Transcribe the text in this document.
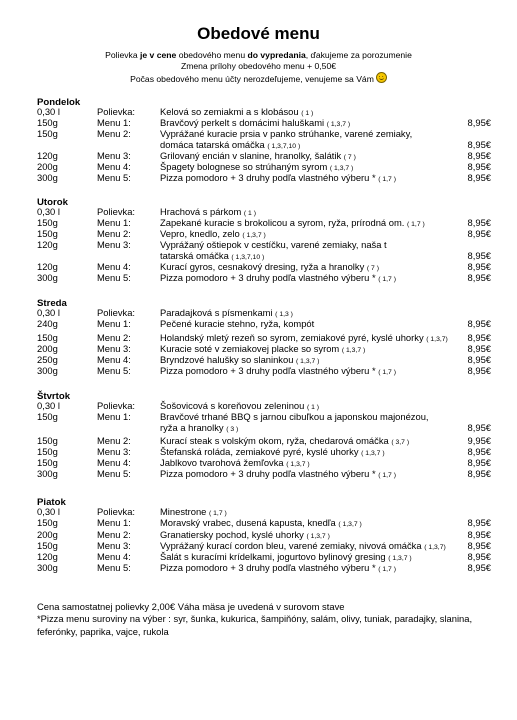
Obedové menu
Polievka je v cene obedového menu do vypredania, ďakujeme za porozumenie
Zmena prílohy obedového menu + 0,50€
Počas obedového menu účty nerozdeľujeme, venujeme sa Vám
Pondelok
0,30 l	Polievka:	Kelová so zemiakmi a s klobásou ( 1 )
150g	Menu 1:	Bravčový perkelt s domácimi haluškami ( 1,3,7 )	8,95€
150g	Menu 2:	Vyprážané kuracie prsia v panko strúhanke, varené zemiaky,
domáca tatarská omáčka ( 1,3,7,10 )	8,95€
120g	Menu 3:	Grilovaný encián v slanine, hranolky, šalátik ( 7 )	8,95€
200g	Menu 4:	Špagety bolognese so strúhaným syrom ( 1,3,7 )	8,95€
300g	Menu 5:	Pizza pomodoro + 3 druhy podľa vlastného výberu * ( 1,7 )	8,95€
Utorok
0,30 l	Polievka:	Hrachová s párkom ( 1 )
150g	Menu 1:	Zapekané kuracie s brokolicou a syrom, ryža, prírodná om. ( 1,7 )	8,95€
150g	Menu 2:	Vepro, knedlo, zelo ( 1,3,7 )	8,95€
120g	Menu 3:	Vyprážaný oštiepok v cestíčku, varené zemiaky, naša t
tatarská omáčka ( 1,3,7,10 )	8,95€
120g	Menu 4:	Kurací gyros, cesnakový dresing, ryža a hranolky ( 7 )	8,95€
300g	Menu 5:	Pizza pomodoro + 3 druhy podľa vlastného výberu * ( 1,7 )	8,95€
Streda
0,30 l	Polievka:	Paradajková s písmenkami ( 1,3 )
240g	Menu 1:	Pečené kuracie stehno, ryža, kompót	8,95€
150g	Menu 2:	Holandský mletý rezeň so syrom, zemiakové pyré, kyslé uhorky ( 1,3,7) 8,95€
200g	Menu 3:	Kuracie soté v zemiakovej placke so syrom ( 1,3,7 )	8,95€
250g	Menu 4:	Bryndzové halušky so slaninkou ( 1,3,7 )	8,95€
300g	Menu 5:	Pizza pomodoro + 3 druhy podľa vlastného výberu * ( 1,7 )	8,95€
Štvrtok
0,30 l	Polievka:	Šošovicová s koreňovou zeleninou ( 1 )
150g	Menu 1:	Bravčové trhané BBQ s jarnou cibuľkou a japonskou majonézou,
ryža a hranolky ( 3 )	8,95€
150g	Menu 2:	Kurací steak s volským okom, ryža, chedarová omáčka ( 3,7 )	9,95€
150g	Menu 3:	Štefanská roláda, zemiakové pyré, kyslé uhorky ( 1,3,7 )	8,95€
150g	Menu 4:	Jablkovo tvarohová žemľovka ( 1,3,7 )	8,95€
300g	Menu 5:	Pizza pomodoro + 3 druhy podľa vlastného výberu * ( 1,7 )	8,95€
Piatok
0,30 l	Polievka:	Minestrone ( 1,7 )
150g	Menu 1:	Moravský vrabec, dusená kapusta, knedľa ( 1,3,7 )	8,95€
200g	Menu 2:	Granatiersky pochod, kyslé uhorky ( 1,3,7 )	8,95€
150g	Menu 3:	Vyprážaný kurací cordon bleu, varené zemiaky, nivová omáčka ( 1,3,7) 8,95€
120g	Menu 4:	Šalát s kuracími krídelkami, jogurtovo bylinový gresing ( 1,3,7 )	8,95€
300g	Menu 5:	Pizza pomodoro + 3 druhy podľa vlastného výberu * ( 1,7 )	8,95€
Cena samostatnej polievky 2,00€ Váha mäsa je uvedená v surovom stave
*Pizza menu suroviny na výber : syr, šunka, kukurica, šampiňóny, salám, olivy, tuniak, paradajky, slanina, feferónky, paprika, vajce, rukola
